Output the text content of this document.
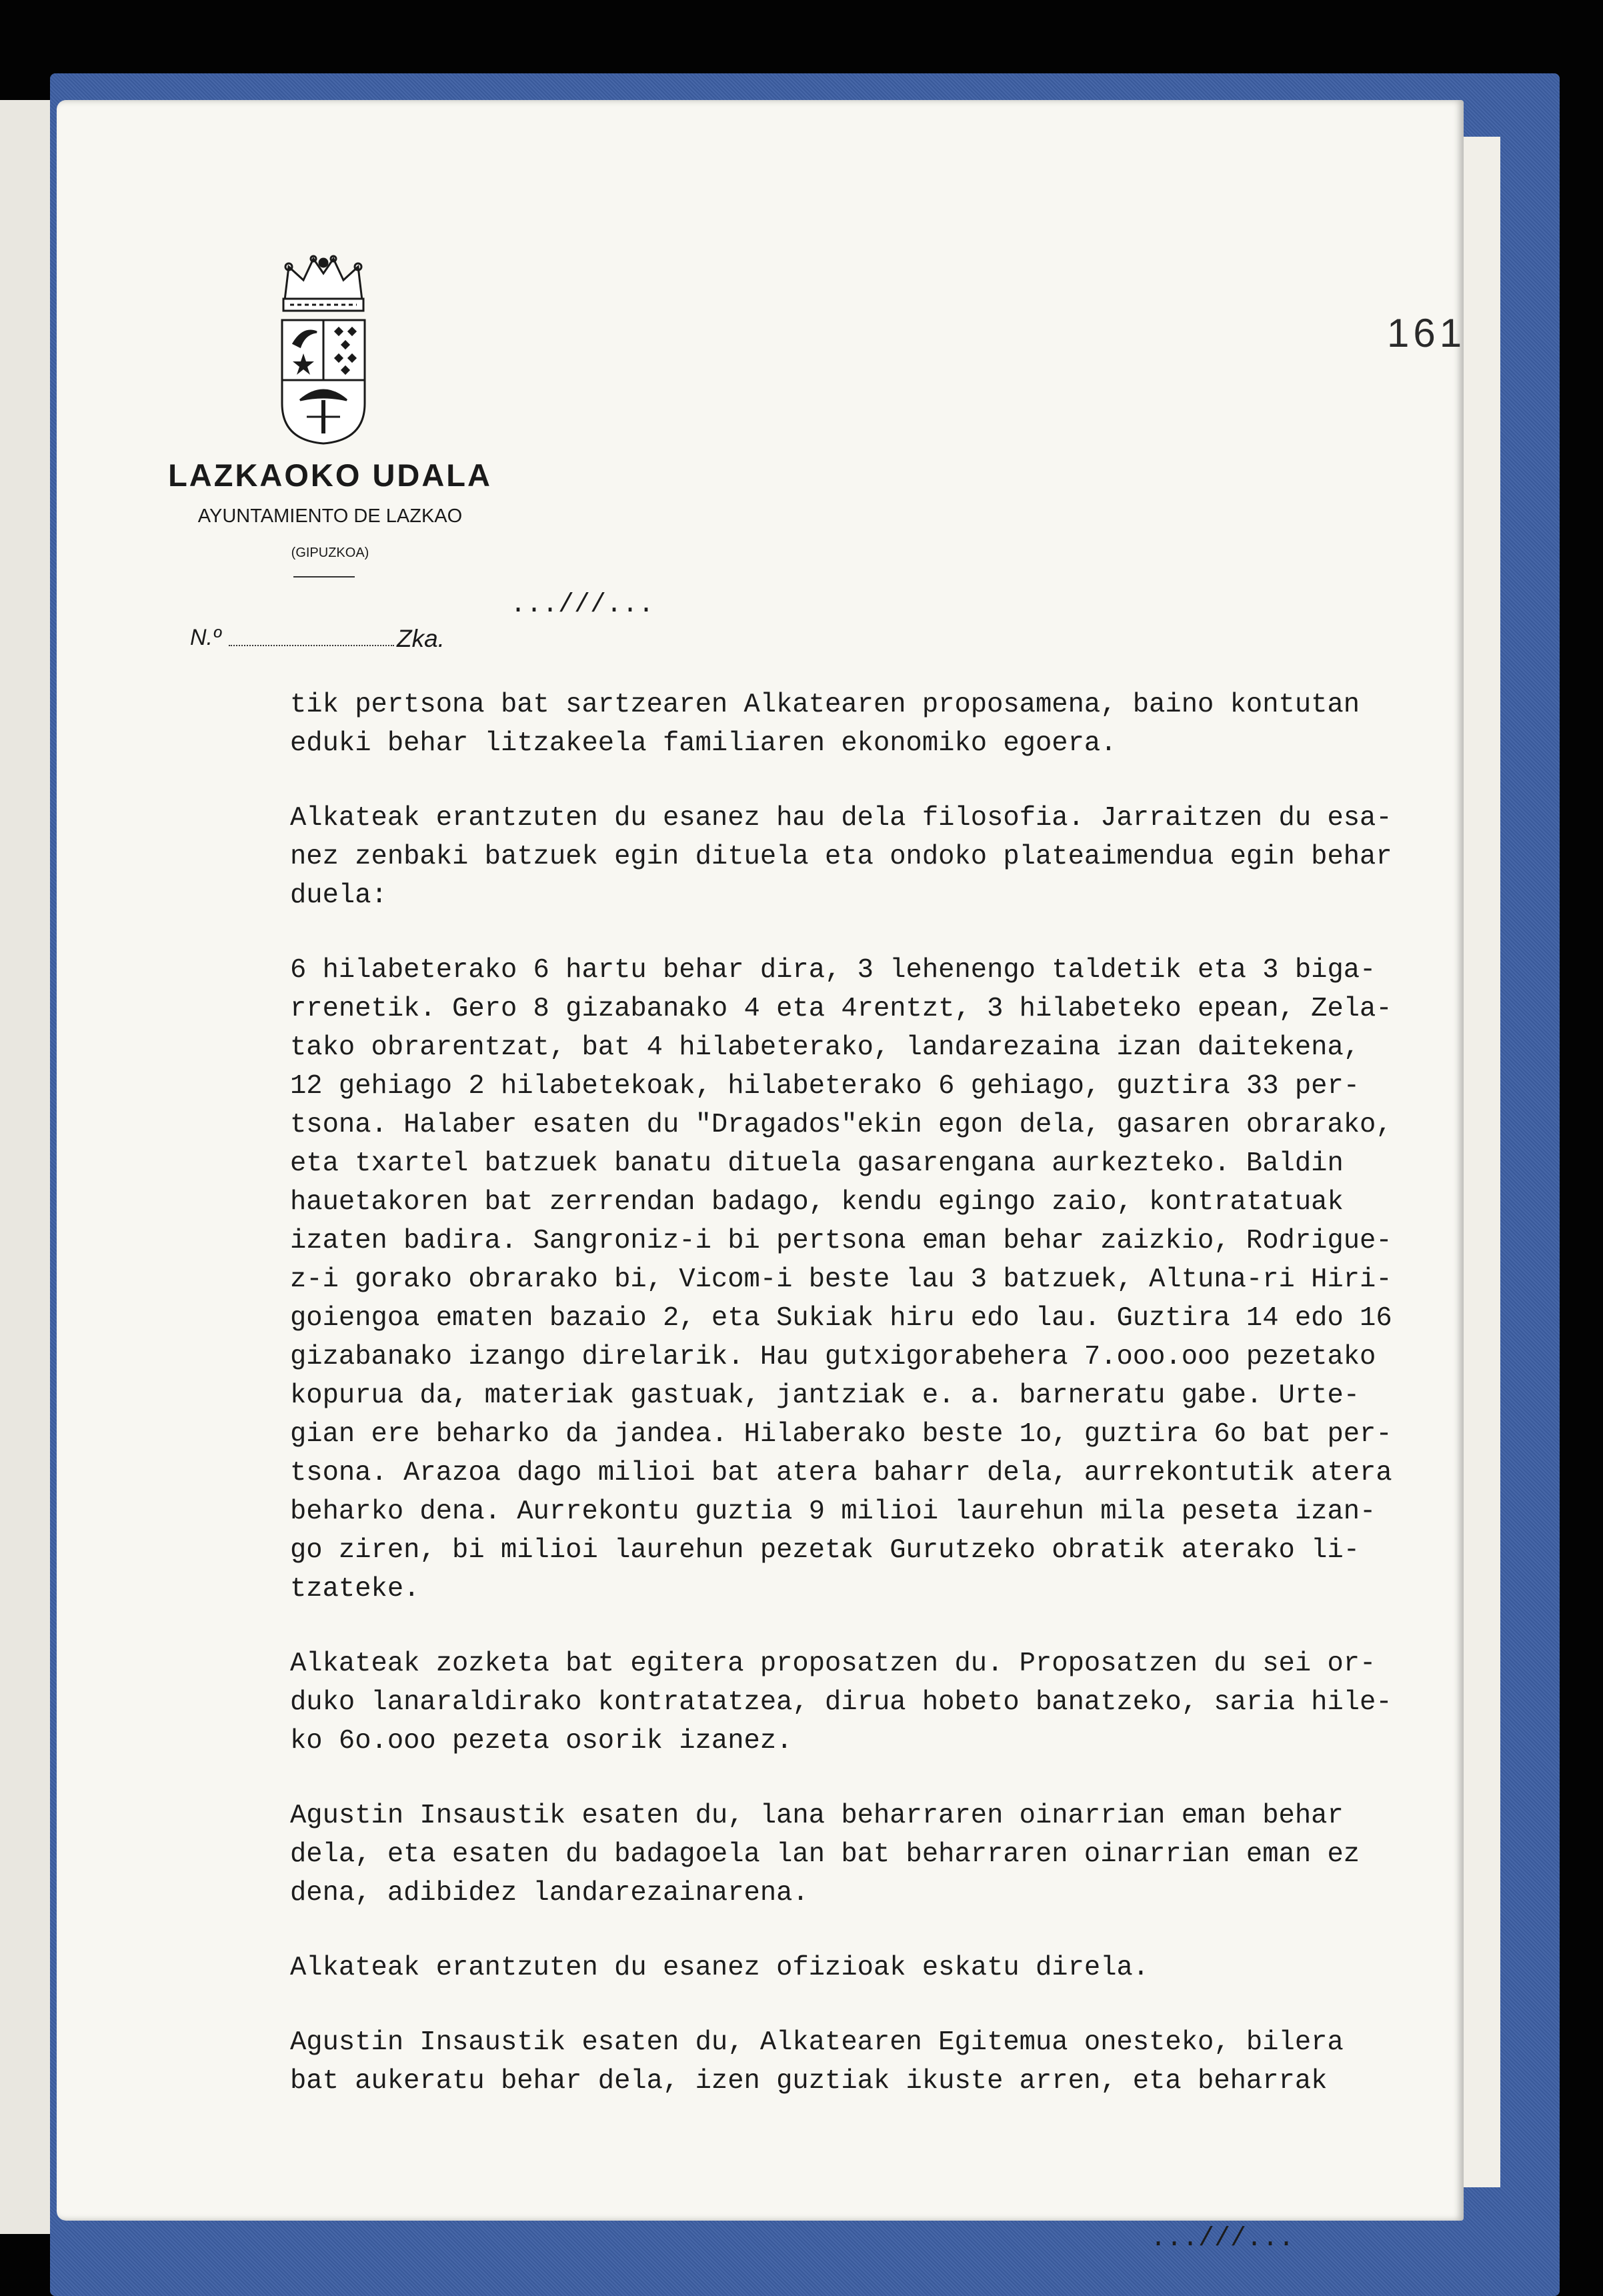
LAZKAOKO UDALA
AYUNTAMIENTO DE LAZKAO
(GIPUZKOA)
N.º	Zka.
161
...///...
tik pertsona bat sartzearen Alkatearen proposamena, baino kontutan
eduki behar litzakeela familiaren ekonomiko egoera.
Alkateak erantzuten du esanez hau dela filosofia. Jarraitzen du esa-
nez zenbaki batzuek egin dituela eta ondoko plateaimendua egin behar
duela:
6 hilabeterako 6 hartu behar dira, 3 lehenengo taldetik eta 3 biga-
rrenetik. Gero 8 gizabanako 4 eta 4rentzt, 3 hilabeteko epean, Zela-
tako obrarentzat, bat 4 hilabeterako, landarezaina izan daitekena,
12 gehiago 2 hilabetekoak, hilabeterako 6 gehiago, guztira 33 per-
tsona. Halaber esaten du "Dragados"ekin egon dela, gasaren obrarako,
eta txartel batzuek banatu dituela gasarengana aurkezteko. Baldin
hauetakoren bat zerrendan badago, kendu egingo zaio, kontratatuak
izaten badira. Sangroniz-i bi pertsona eman behar zaizkio, Rodrigue-
z-i gorako obrarako bi, Vicom-i beste lau 3 batzuek, Altuna-ri Hiri-
goiengoa ematen bazaio 2, eta Sukiak hiru edo lau. Guztira 14 edo 16
gizabanako izango direlarik. Hau gutxigorabehera 7.ooo.ooo pezetako
kopurua da, materiak gastuak, jantziak e. a. barneratu gabe. Urte-
gian ere beharko da jandea. Hilaberako beste 1o, guztira 6o bat per-
tsona. Arazoa dago milioi bat atera baharr dela, aurrekontutik atera
beharko dena. Aurrekontu guztia 9 milioi laurehun mila peseta izan-
go ziren, bi milioi laurehun pezetak Gurutzeko obratik aterako li-
tzateke.
Alkateak zozketa bat egitera proposatzen du. Proposatzen du sei or-
duko lanaraldirako kontratatzea, dirua hobeto banatzeko, saria hile-
ko 6o.ooo pezeta osorik izanez.
Agustin Insaustik esaten du, lana beharraren oinarrian eman behar
dela, eta esaten du badagoela lan bat beharraren oinarrian eman ez
dena, adibidez landarezainarena.
Alkateak erantzuten du esanez ofizioak eskatu direla.
Agustin Insaustik esaten du, Alkatearen Egitemua onesteko, bilera
bat aukeratu behar dela, izen guztiak ikuste arren, eta beharrak
...///...
